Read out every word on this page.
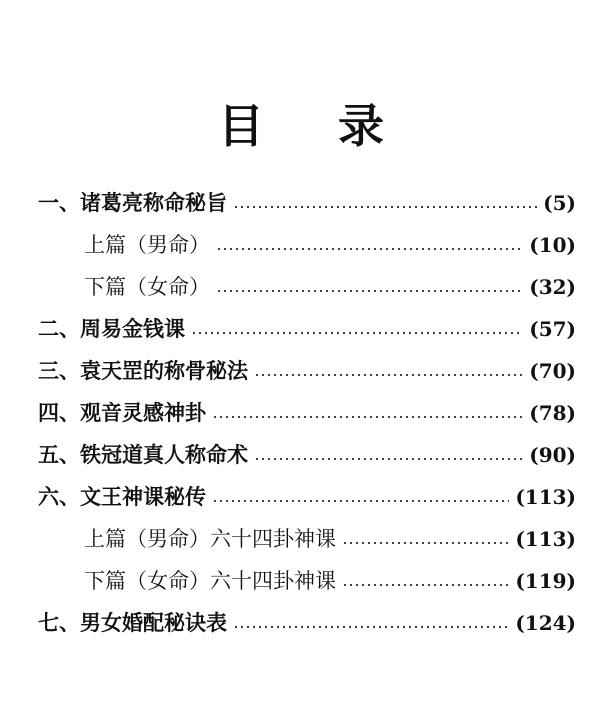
目 录
一、诸葛亮称命秘旨	(5)
上篇（男命）	(10)
下篇（女命）	(32)
二、周易金钱课	(57)
三、袁天罡的称骨秘法	(70)
四、观音灵感神卦	(78)
五、铁冠道真人称命术	(90)
六、文王神课秘传	(113)
上篇（男命）六十四卦神课	(113)
下篇（女命）六十四卦神课	(119)
七、男女婚配秘诀表	(124)
